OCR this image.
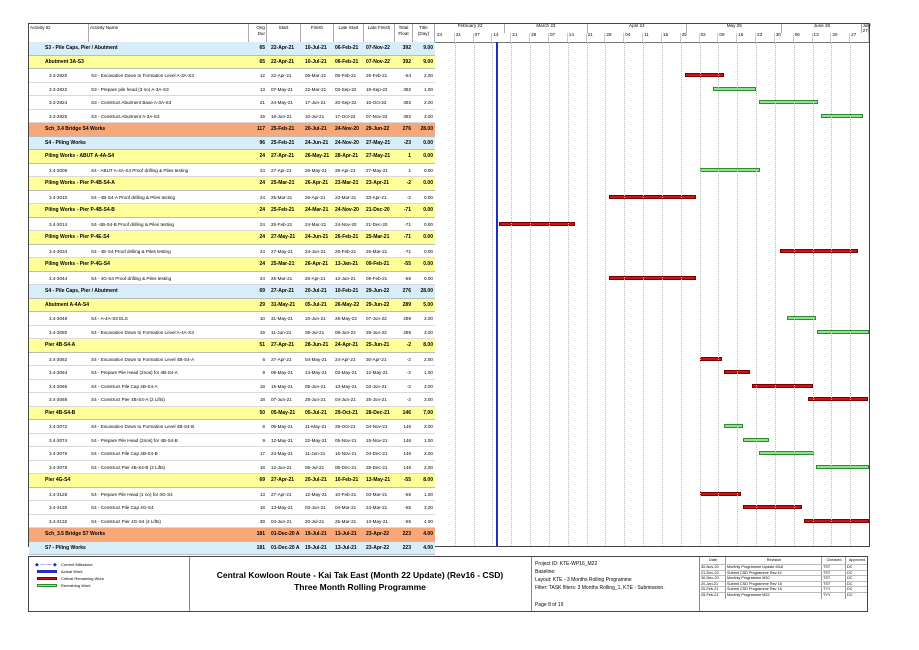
Activity ID	Activity Name	Orig Dur
Start	Finish	Late Start	Late Finish	Total Float
Title (Day)
February 22	March 23	April 24	May 25	June 26	July 27
24	31	07	14	21	28	07	14	21	28	04	11	18	25	02	09	16	23	30	06	13	20	27
S3 - Pile Caps, Pier / Abutment	65 22-Apr-21	10-Jul-21	06-Feb-21	07-Nov-22	392	9.00
Abutment 3A-S3	65 22-Apr-21	10-Jul-21	06-Feb-21	07-Nov-22	392	9.00
3.3-2820	S3 - Excavation Down to Formation Level A-3A-S3	12 22-Apr-21	06-Mar-21	06-Feb-21	26-Feb-21	-54	2.00
3.3-2822	S3 - Prepare pile head (3 no) A-3A-S3	13 07-May-21	22-Mar-21	03-Sep-22	19-Sep-22	392	1.00
3.3-2824	S3 - Construct Abutment Base A-3A-S3	21 24-May-21	17-Jun-21	20-Sep-22	15-Oct-22	392	2.00
3.3-2826	S3 - Construct Abutment A-3A-S3	19 18-Jun-21	10-Jul-21	17-Oct-22	07-Nov-22	392	3.00
Sch_3.4 Bridge S4 Works	117 25-Feb-21	20-Jul-21	24-Nov-20	29-Jun-22	276	28.00
S4 - Piling Works	96 25-Feb-21	24-Jun-21	24-Nov-20	27-May-21	-23	0.00
Piling Works - ABUT A-4A-S4	24 27-Apr-21	26-May-21	28-Apr-21	27-May-21	1	0.00
3.4-3008	S4 - ABUT A-4A-S4 Proof drilling & Piles testing	24 27-Apr-21	26-May-21	28-Apr-21	27-May-21	1	0.00
Piling Works - Pier P-4B-S4-A	24 25-Mar-21	26-Apr-21	23-Mar-21	23-Apr-21	-2	0.00
3.4-3010	S4 - 4B-S4-A Proof drilling & Piles testing	24 25-Mar-21	26-Apr-21	23-Mar-21	23-Apr-21	-2	0.00
Piling Works - Pier P-4B-S4-B	24 25-Feb-21	24-Mar-21	24-Nov-20	21-Dec-20	-71	0.00
3.4-3014	S4 -4B-S4-B Proof drilling & Piles testing	24 25-Feb-21	24-Mar-21	24-Nov-20	21-Dec-20	-71	0.00
Piling Works - Pier P-4E-S4	24 27-May-21	24-Jun-21	26-Feb-21	25-Mar-21	-71	0.00
3.4-3034	S4 - 4E-S4 Proof drilling & Piles testing	24 27-May-21	24-Jun-21	26-Feb-21	25-Mar-21	-71	0.00
Piling Works - Pier P-4G-S4	24 25-Mar-21	26-Apr-21	13-Jan-21	09-Feb-21	-55	0.00
3.4-3044	S4 - 4G-S4 Proof drilling & Piles testing	24 25-Mar-21	26-Apr-21	13-Jan-21	09-Feb-21	-55	0.00
S4 - Pile Caps, Pier / Abutment	69 27-Apr-21	20-Jul-21	10-Feb-21	29-Jun-22	276	28.00
Abutment A-4A-S4	29 31-May-21	05-Jul-21	26-May-22	29-Jun-22	289	5.00
3.4-3048	S4 - A-4A-S3 ELS	10 31-May-21	10-Jun-21	26-May-22	07-Jun-22	289	3.00
3.4-3050	S4 - Excavation Down to Formation Level A-4A-S4	19 11-Jun-21	05-Jul-21	08-Jun-22	29-Jun-22	289	3.00
Pier 4B-S4-A	51 27-Apr-21	28-Jun-21	24-Apr-21	25-Jun-21	-2	8.00
3.4-3062	S4 - Excavation Down to Formation Level 4B-S4-A	6 27-Apr-21	04-May-21	24-Apr-21	30-Apr-21	-2	2.00
3.4-3064	S4 - Prepare Pile Head (2nos) for 4B-S4-A	9 05-May-21	14-May-21	03-May-21	12-May-21	-2	1.00
3.4-3066	S4 - Construct Pile Cap 4B-S4-A	18 15-May-21	05-Jun-21	13-May-21	03-Jun-21	-2	3.00
3.4-3068	S4 - Construct Pier 4B-S4-A (2 Lifts)	18 07-Jun-21	28-Jun-21	04-Jun-21	25-Jun-21	-2	3.00
Pier 4B-S4-B	50 05-May-21	05-Jul-21	29-Oct-21	28-Dec-21	146	7.00
3.4-3072	S4 - Excavation Down to Formation Level 4B-S4-B	6 05-May-21	11-May-21	29-Oct-21	04-Nov-21	146	2.00
3.4-3074	S4 - Prepare Pile Head (2nos) for 4B-S4-B	9 12-May-21	22-May-21	05-Nov-21	15-Nov-21	146	1.00
3.4-3076	S4 - Construct Pile Cap 4B-S4-B	17 24-May-21	11-Jun-21	16-Nov-21	04-Dec-21	146	2.00
3.4-3078	S4 - Construct Pier 4B-S4-B (2 Lifts)	18 12-Jun-21	05-Jul-21	06-Dec-21	28-Dec-21	146	2.00
Pier 4G-S4	69 27-Apr-21	20-Jul-21	10-Feb-21	13-May-21	-55	8.00
3.4-3128	S4 - Prepare Pile Head (1 no) for 4G-S4	13 27-Apr-21	12-May-21	10-Feb-21	03-Mar-21	-55	1.00
3.4-3130	S4 - Construct Pile Cap 4G-S4	18 13-May-21	03-Jun-21	04-Mar-21	24-Mar-21	-55	3.00
3.4-3132	S4 - Construct Pier 4G-S4 (4 Lifts)	38 04-Jun-21	20-Jul-21	25-Mar-21	13-May-21	-55	4.00
Sch_3.5 Bridge S7 Works	181 01-Dec-20 A	19-Jul-21	13-Jul-21	23-Apr-22	223	4.00
S7 - Piling Works	181 01-Dec-20 A	19-Jul-21	13-Jul-21	23-Apr-22	223	4.00
◆ — — ◆ Current Milestone
Actual Work
Critical Remaining Work
Remaining Work
Central Kowloon Route - Kai Tak East (Month 22 Update) (Rev16 - CSD)
Three Month Rolling Programme
Project ID: KTE-WP16_M22
Baseline:
Layout: KTE - 3 Months Rolling Programme
Filter: TASK filters: 3 Months Rolling_1, KTE - Submission.
Page 8 of 19
Date	Revision	Checked	Approved
30-Nov-20	Monthly Programme Update M18	TST	DC
21-Dec-20	Submit CSD Programme Rev.14	TST	DC
30-Dec-20	Monthly Programme M20	TST	DC
20-Jan-21	Submit CSD Programme Rev 15	TST	DC
20-Feb-21	Submit CSD Programme Rev 16	TYY	DC
25-Feb-21	Monthly Programme M22	TYY	DC
